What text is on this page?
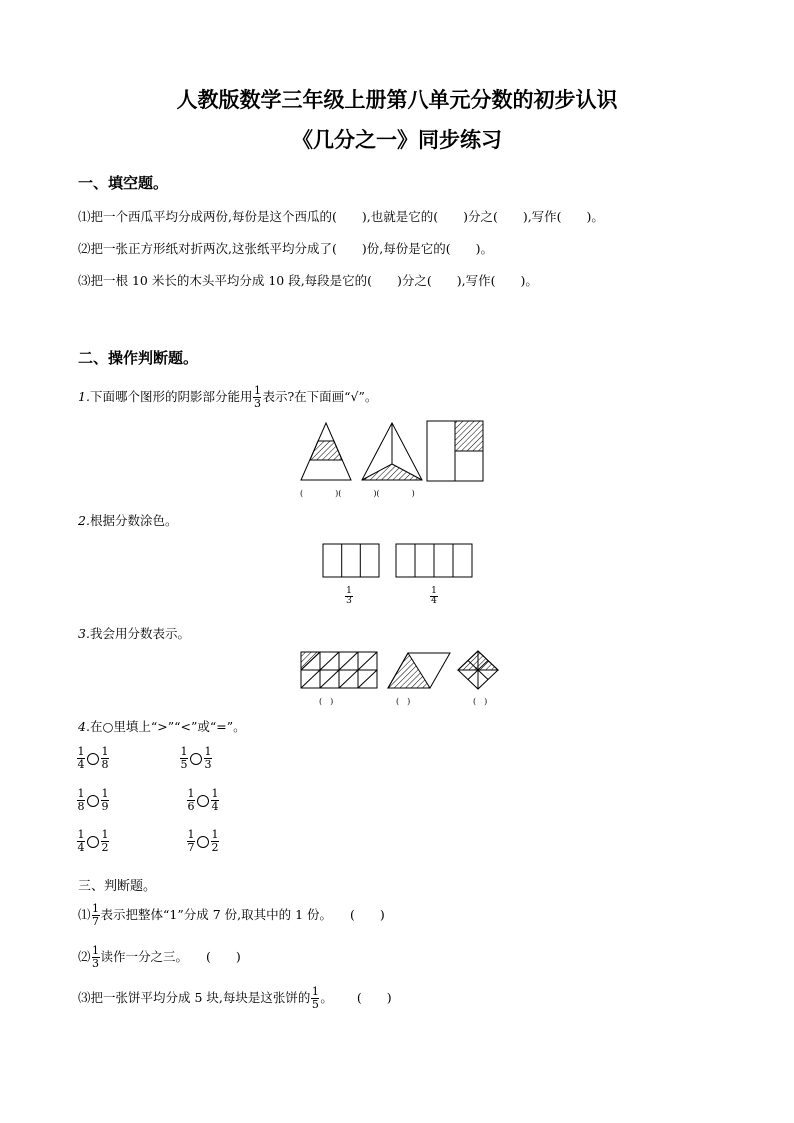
人教版数学三年级上册第八单元分数的初步认识
《几分之一》同步练习
一、填空题。
⑴把一个西瓜平均分成两份,每份是这个西瓜的(　　),也就是它的(　　)分之(　　),写作(　　)。
⑵把一张正方形纸对折两次,这张纸平均分成了(　　)份,每份是它的(　　)。
⑶把一根 10 米长的木头平均分成 10 段,每段是它的(　　)分之(　　),写作(　　)。
二、操作判断题。
1.下面哪个图形的阴影部分能用 $\frac{1}{3}$ 表示?在下面画“√”。
(　　　　)(　　　　)(　　　　)
2.根据分数涂色。
$\frac{1}{3}$	$\frac{1}{4}$
3.我会用分数表示。
(　)	(　)	(　)
4.在○里填上“>”“<”或“=”。
$\frac{1}{4} \frac{1}{8}$	$\frac{1}{5} \frac{1}{3}$
$\frac{1}{8} \frac{1}{9}$	$\frac{1}{6} \frac{1}{4}$
$\frac{1}{4} \frac{1}{2}$	$\frac{1}{7} \frac{1}{2}$
三、判断题。
⑴ $\frac{1}{7}$ 表示把整体“1”分成 7 份,取其中的 1 份。 (　　)
⑵ $\frac{1}{3}$ 读作一分之三。 (　　)
⑶把一张饼平均分成 5 块,每块是这张饼的 $\frac{1}{5}$ 。 (　　)
